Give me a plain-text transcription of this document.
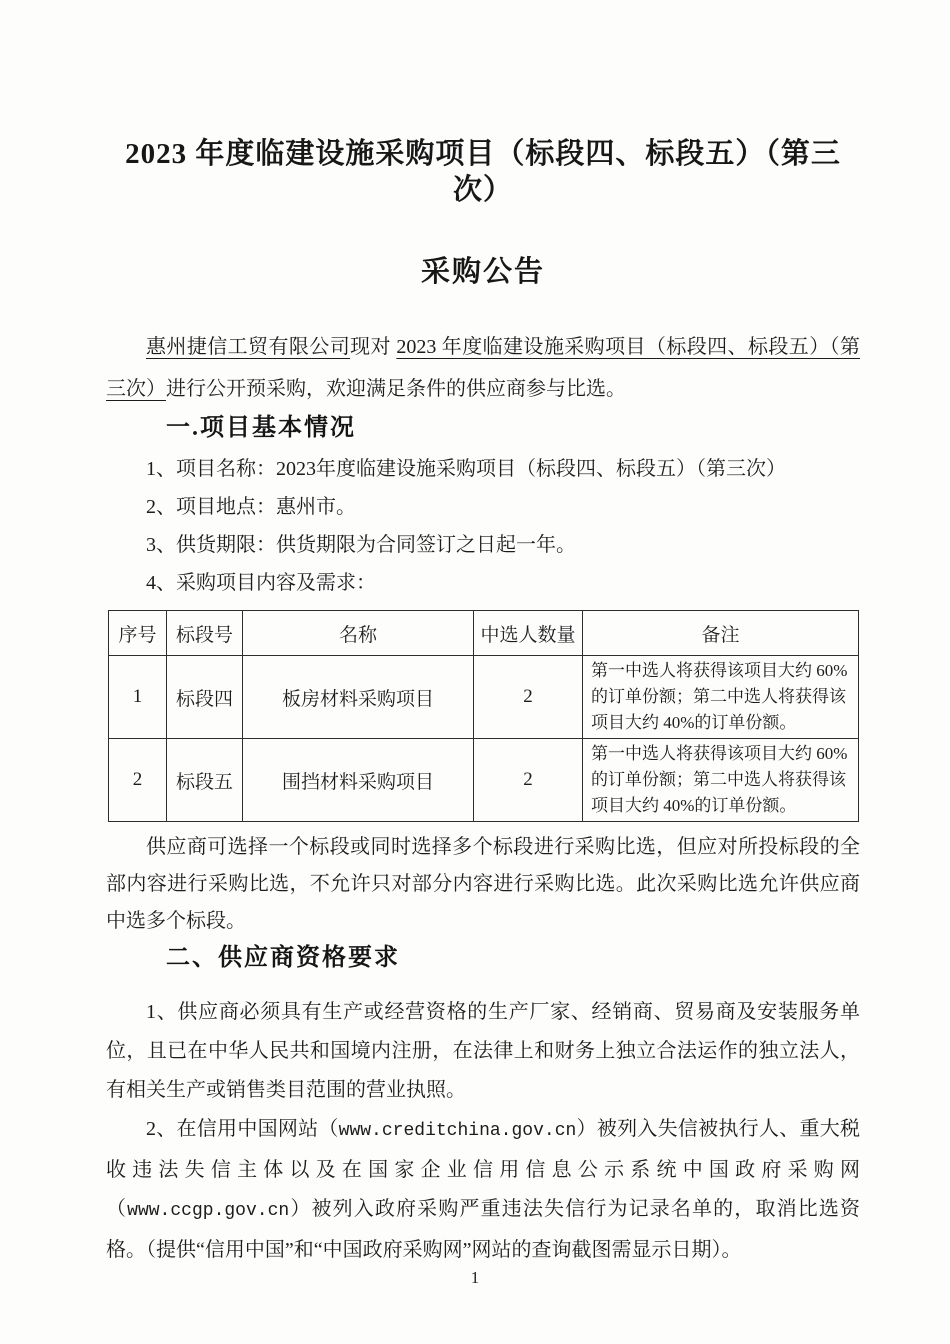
2023 年度临建设施采购项目（标段四、标段五）（第三次）
采购公告

惠州捷信工贸有限公司现对 2023 年度临建设施采购项目（标段四、标段五）（第三次）进行公开预采购，欢迎满足条件的供应商参与比选。

一.项目基本情况

1、项目名称：2023年度临建设施采购项目（标段四、标段五）（第三次）

2、项目地点：惠州市。

3、供货期限：供货期限为合同签订之日起一年。

4、采购项目内容及需求：

序号	标段号	名称	中选人数量	备注
1	标段四	板房材料采购项目	2	第一中选人将获得该项目大约 60%的订单份额；第二中选人将获得该项目大约 40%的订单份额。
2	标段五	围挡材料采购项目	2	第一中选人将获得该项目大约 60%的订单份额；第二中选人将获得该项目大约 40%的订单份额。

供应商可选择一个标段或同时选择多个标段进行采购比选，但应对所投标段的全部内容进行采购比选，不允许只对部分内容进行采购比选。此次采购比选允许供应商中选多个标段。

二、供应商资格要求

1、供应商必须具有生产或经营资格的生产厂家、经销商、贸易商及安装服务单位，且已在中华人民共和国境内注册，在法律上和财务上独立合法运作的独立法人，有相关生产或销售类目范围的营业执照。

2、在信用中国网站（www.creditchina.gov.cn）被列入失信被执行人、重大税收违法失信主体以及在国家企业信用信息公示系统中国政府采购网（www.ccgp.gov.cn）被列入政府采购严重违法失信行为记录名单的，取消比选资格。（提供“信用中国”和“中国政府采购网”网站的查询截图需显示日期）。

1
